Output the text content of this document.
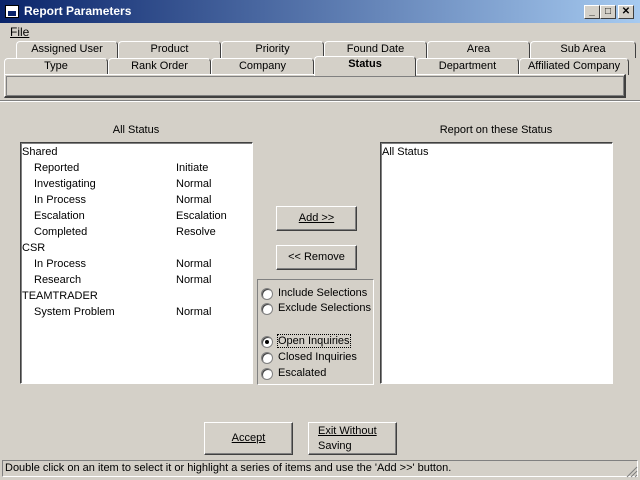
Report Parameters	_	□	✕
File
Assigned User	Product	Priority	Found Date	Area	Sub Area
Type	Rank Order	Company	Status	Department	Affiliated Company
All Status
Shared
Reported	Initiate
Investigating	Normal
In Process	Normal
Escalation	Escalation
Completed	Resolve
CSR
In Process	Normal
Research	Normal
TEAMTRADER
System Problem	Normal
Add >>
<< Remove
Include Selections
Exclude Selections
Open Inquiries
Closed Inquiries
Escalated
Report on these Status
All Status
Accept
Exit Without
Saving
Double click on an item to select it or highlight a series of items and use the 'Add >>' button.
